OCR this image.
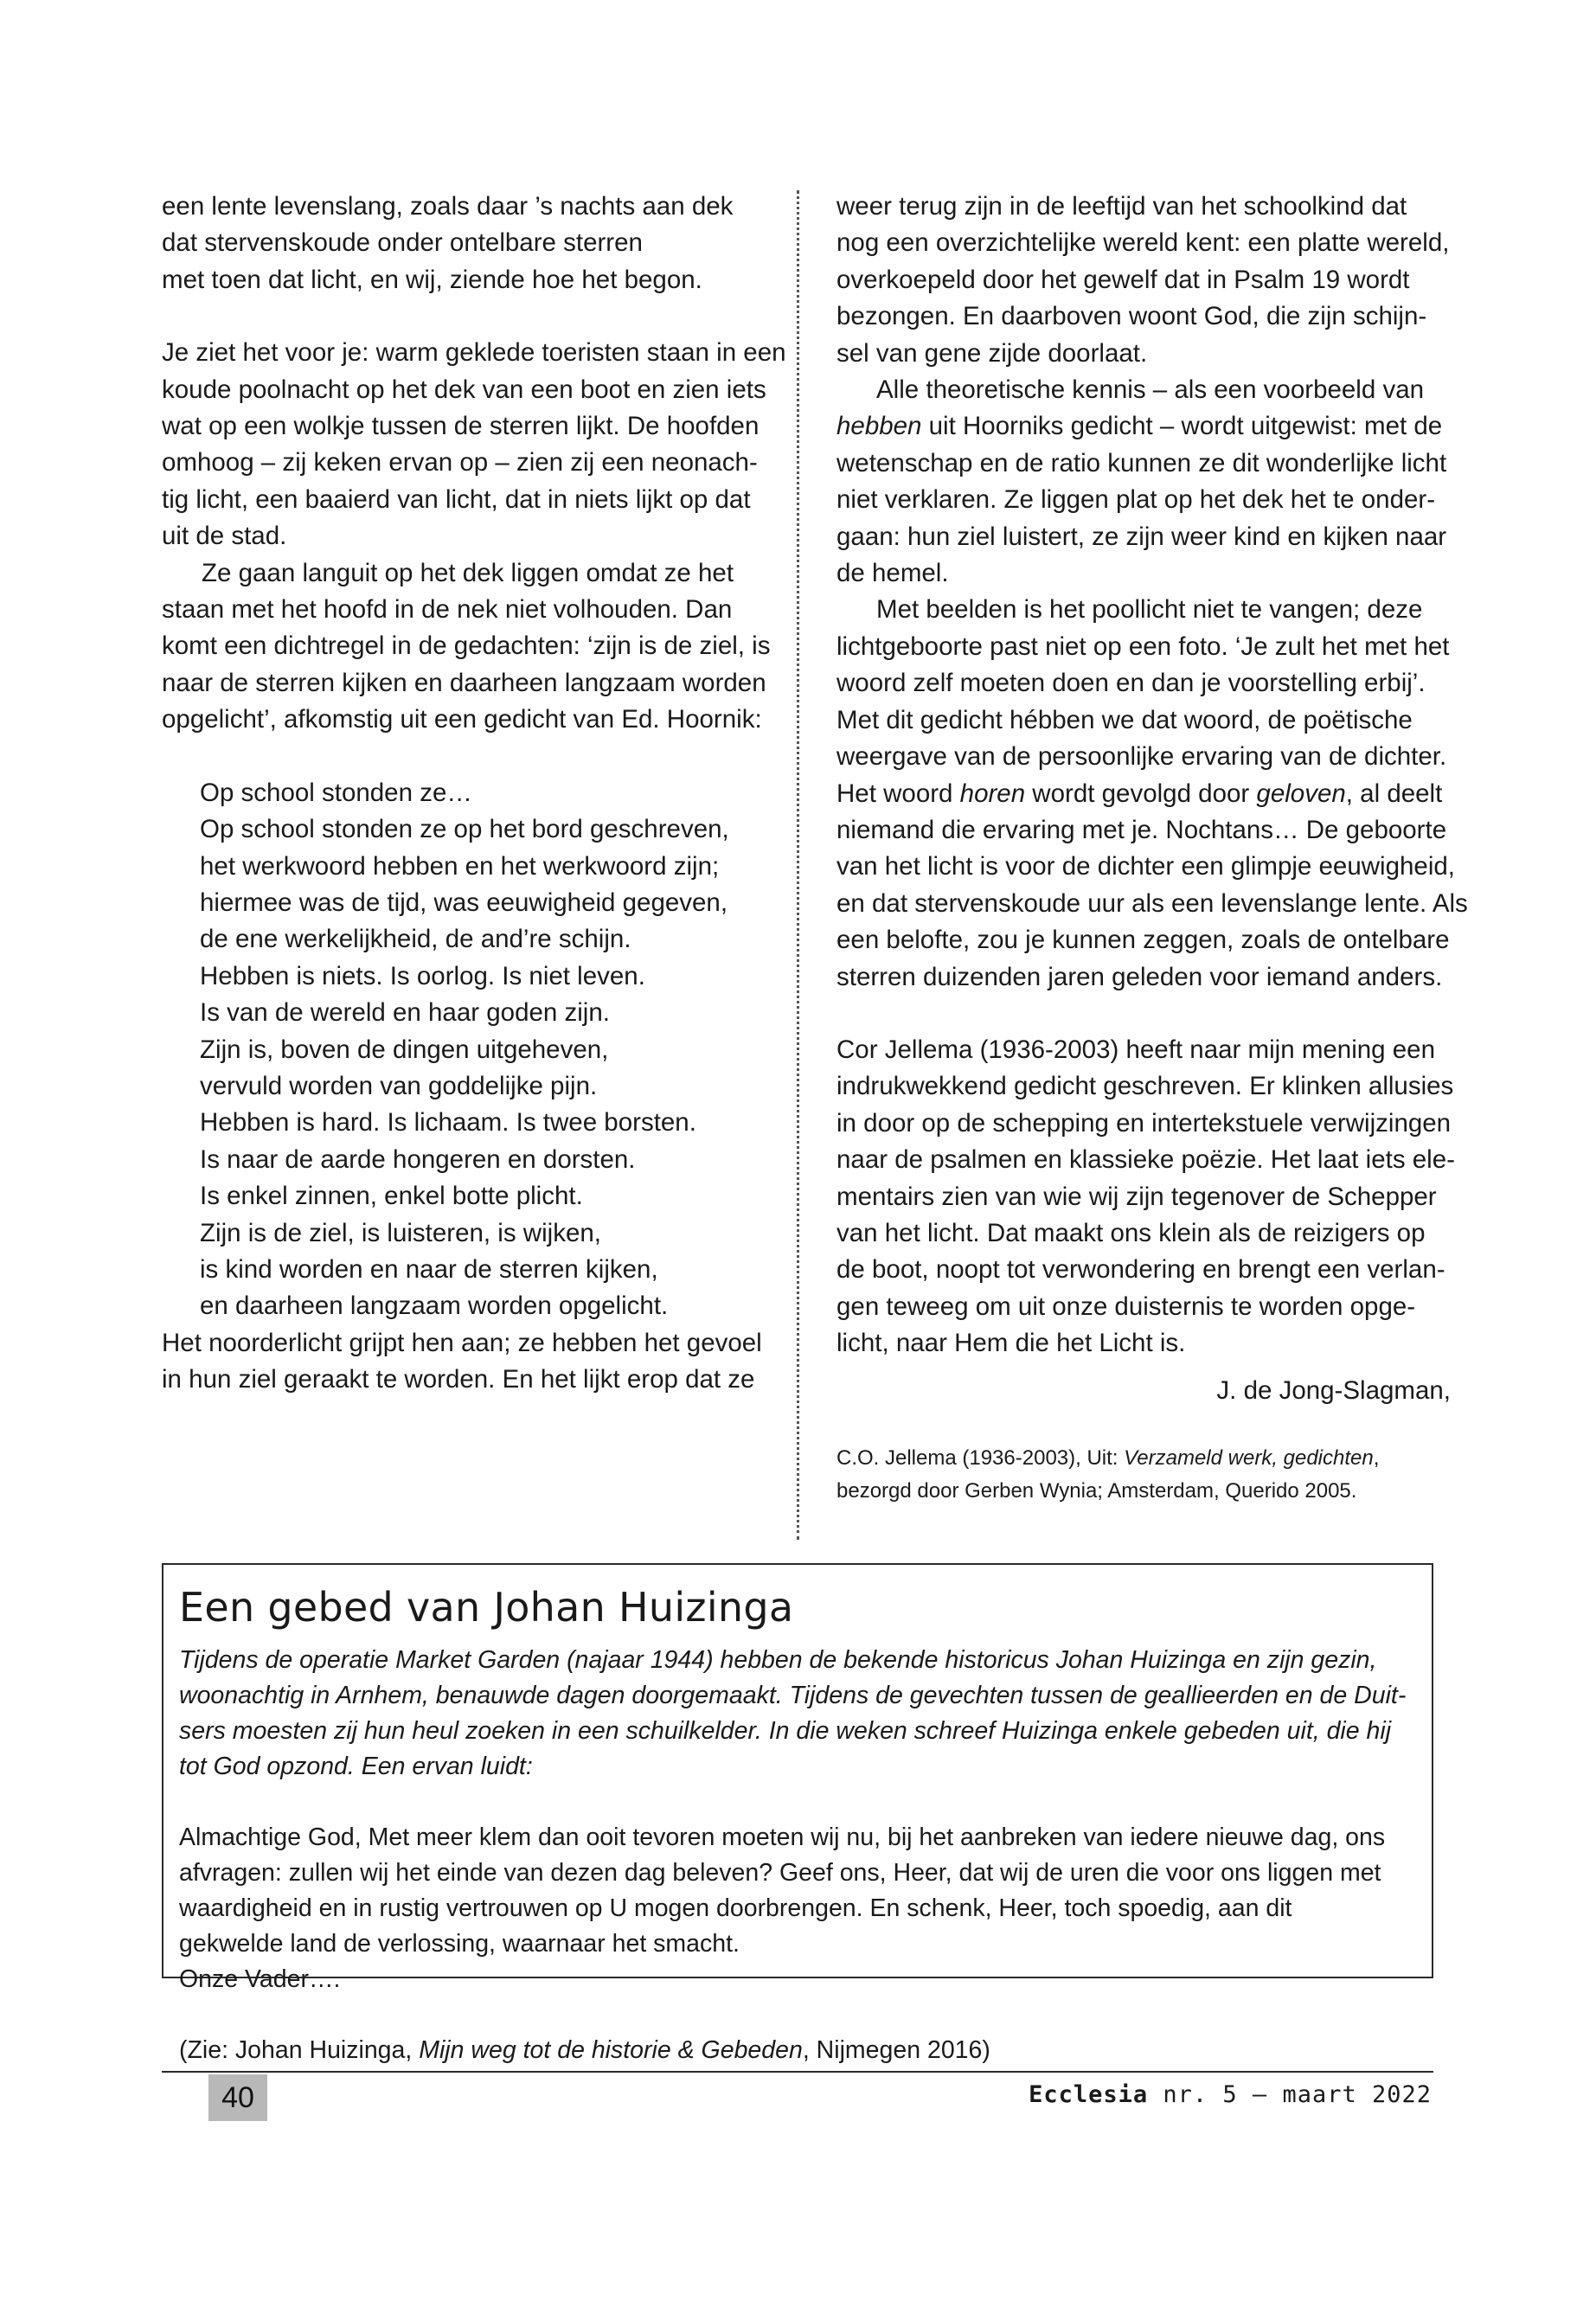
een lente levenslang, zoals daar ’s nachts aan dek
dat stervenskoude onder ontelbare sterren
met toen dat licht, en wij, ziende hoe het begon.

Je ziet het voor je: warm geklede toeristen staan in een
koude poolnacht op het dek van een boot en zien iets
wat op een wolkje tussen de sterren lijkt. De hoofden
omhoog – zij keken ervan op – zien zij een neonach-
tig licht, een baaierd van licht, dat in niets lijkt op dat
uit de stad.

Ze gaan languit op het dek liggen omdat ze het
staan met het hoofd in de nek niet volhouden. Dan
komt een dichtregel in de gedachten: ‘zijn is de ziel, is
naar de sterren kijken en daarheen langzaam worden
opgelicht’, afkomstig uit een gedicht van Ed. Hoornik:

Op school stonden ze…

Op school stonden ze op het bord geschreven,
het werkwoord hebben en het werkwoord zijn;
hiermee was de tijd, was eeuwigheid gegeven,
de ene werkelijkheid, de and’re schijn.

Hebben is niets. Is oorlog. Is niet leven.
Is van de wereld en haar goden zijn.
Zijn is, boven de dingen uitgeheven,
vervuld worden van goddelijke pijn.

Hebben is hard. Is lichaam. Is twee borsten.
Is naar de aarde hongeren en dorsten.
Is enkel zinnen, enkel botte plicht.

Zijn is de ziel, is luisteren, is wijken,
is kind worden en naar de sterren kijken,
en daarheen langzaam worden opgelicht.

Het noorderlicht grijpt hen aan; ze hebben het gevoel
in hun ziel geraakt te worden. En het lijkt erop dat ze

weer terug zijn in de leeftijd van het schoolkind dat
nog een overzichtelijke wereld kent: een platte wereld,
overkoepeld door het gewelf dat in Psalm 19 wordt
bezongen. En daarboven woont God, die zijn schijn-
sel van gene zijde doorlaat.

Alle theoretische kennis – als een voorbeeld van
hebben uit Hoorniks gedicht – wordt uitgewist: met de
wetenschap en de ratio kunnen ze dit wonderlijke licht
niet verklaren. Ze liggen plat op het dek het te onder-
gaan: hun ziel luistert, ze zijn weer kind en kijken naar
de hemel.

Met beelden is het poollicht niet te vangen; deze
lichtgeboorte past niet op een foto. ‘Je zult het met het
woord zelf moeten doen en dan je voorstelling erbij’.
Met dit gedicht hébben we dat woord, de poëtische
weergave van de persoonlijke ervaring van de dichter.
Het woord horen wordt gevolgd door geloven, al deelt
niemand die ervaring met je. Nochtans… De geboorte
van het licht is voor de dichter een glimpje eeuwigheid,
en dat stervenskoude uur als een levenslange lente. Als
een belofte, zou je kunnen zeggen, zoals de ontelbare
sterren duizenden jaren geleden voor iemand anders.

Cor Jellema (1936-2003) heeft naar mijn mening een
indrukwekkend gedicht geschreven. Er klinken allusies
in door op de schepping en intertekstuele verwijzingen
naar de psalmen en klassieke poëzie. Het laat iets ele-
mentairs zien van wie wij zijn tegenover de Schepper
van het licht. Dat maakt ons klein als de reizigers op
de boot, noopt tot verwondering en brengt een verlan-
gen teweeg om uit onze duisternis te worden opge-
licht, naar Hem die het Licht is.

J. de Jong-Slagman,

C.O. Jellema (1936-2003), Uit: Verzameld werk, gedichten,
bezorgd door Gerben Wynia; Amsterdam, Querido 2005.
Een gebed van Johan Huizinga

Tijdens de operatie Market Garden (najaar 1944) hebben de bekende historicus Johan Huizinga en zijn gezin,
woonachtig in Arnhem, benauwde dagen doorgemaakt. Tijdens de gevechten tussen de geallieerden en de Duit-
sers moesten zij hun heul zoeken in een schuilkelder. In die weken schreef Huizinga enkele gebeden uit, die hij
tot God opzond. Een ervan luidt:

Almachtige God, Met meer klem dan ooit tevoren moeten wij nu, bij het aanbreken van iedere nieuwe dag, ons
afvragen: zullen wij het einde van dezen dag beleven? Geef ons, Heer, dat wij de uren die voor ons liggen met
waardigheid en in rustig vertrouwen op U mogen doorbrengen. En schenk, Heer, toch spoedig, aan dit
gekwelde land de verlossing, waarnaar het smacht.
Onze Vader….

(Zie: Johan Huizinga, Mijn weg tot de historie & Gebeden, Nijmegen 2016)

40	Ecclesia nr. 5 — maart 2022
